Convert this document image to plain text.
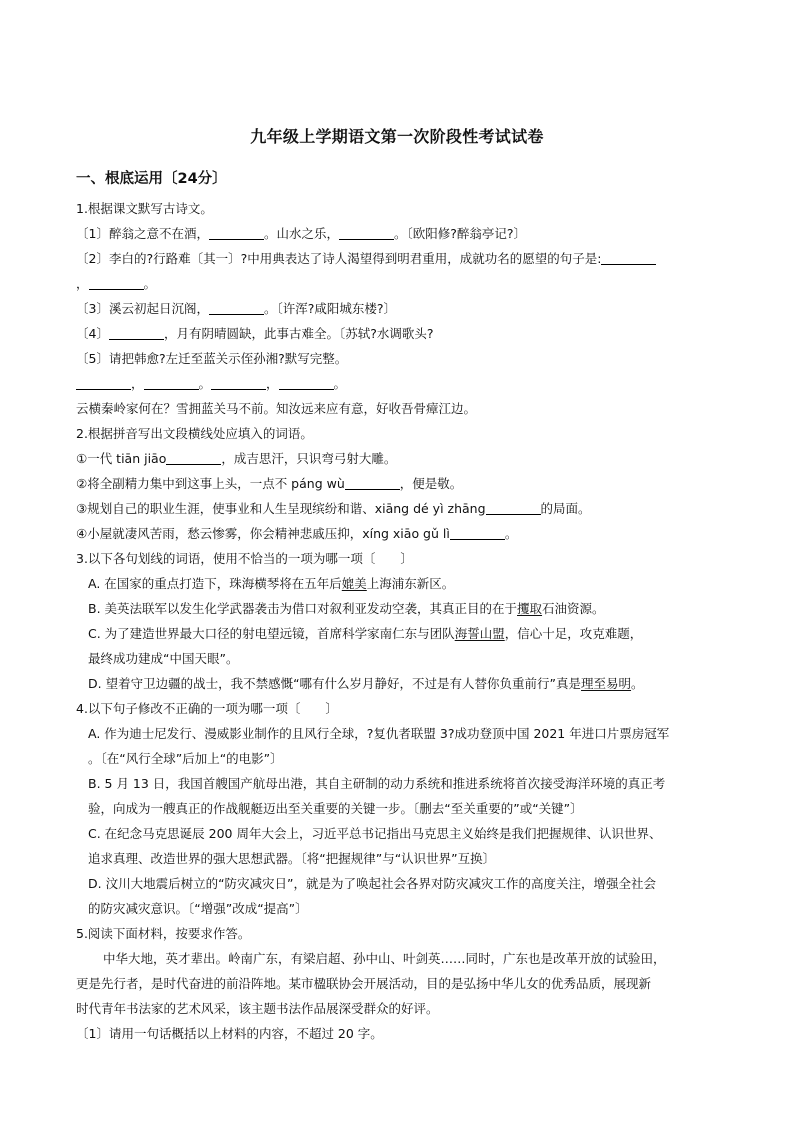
九年级上学期语文第一次阶段性考试试卷
一、根底运用〔24分〕
1.根据课文默写古诗文。
〔1〕醉翁之意不在酒，	。山水之乐，	。〔欧阳修?醉翁亭记?〕
〔2〕李白的?行路难〔其一〕?中用典表达了诗人渴望得到明君重用，成就功名的愿望的句子是:
，	。
〔3〕溪云初起日沉阁，	。〔许浑?咸阳城东楼?〕
〔4〕	，月有阴晴圆缺，此事古难全。〔苏轼?水调歌头?
〔5〕请把韩愈?左迁至蓝关示侄孙湘?默写完整。
，	。	，	。
云横秦岭家何在？雪拥蓝关马不前。知汝远来应有意，好收吾骨瘴江边。
2.根据拼音写出文段横线处应填入的词语。
①一代 tiān jiāo	，成吉思汗，只识弯弓射大雕。
②将全副精力集中到这事上头，一点不 páng wù	，便是敬。
③规划自己的职业生涯，使事业和人生呈现缤纷和谐、xiāng dé yì zhāng	的局面。
④小屋就凄风苦雨，愁云惨雾，你会精神悲戚压抑，xíng xiāo gǔ lì	。
3.以下各句划线的词语，使用不恰当的一项为哪一项〔　　〕
A. 在国家的重点打造下，珠海横琴将在五年后媲美上海浦东新区。
B. 美英法联军以发生化学武器袭击为借口对叙利亚发动空袭，其真正目的在于攫取石油资源。
C. 为了建造世界最大口径的射电望远镜，首席科学家南仁东与团队海誓山盟，信心十足，攻克难题，
最终成功建成“中国天眼”。
D. 望着守卫边疆的战士，我不禁感慨“哪有什么岁月静好，不过是有人替你负重前行”真是理至易明。
4.以下句子修改不正确的一项为哪一项〔　　〕
A. 作为迪士尼发行、漫威影业制作的且风行全球，?复仇者联盟 3?成功登顶中国 2021 年进口片票房冠军
。〔在“风行全球”后加上“的电影”〕
B. 5 月 13 日，我国首艘国产航母出港，其自主研制的动力系统和推进系统将首次接受海洋环境的真正考
验，向成为一艘真正的作战舰艇迈出至关重要的关键一步。〔删去“至关重要的”或“关键”〕
C. 在纪念马克思诞辰 200 周年大会上，习近平总书记指出马克思主义始终是我们把握规律、认识世界、
追求真理、改造世界的强大思想武器。〔将“把握规律”与“认识世界”互换〕
D. 汶川大地震后树立的“防灾减灾日”，就是为了唤起社会各界对防灾减灾工作的高度关注，增强全社会
的防灾减灾意识。〔“增强”改成“提高”〕
5.阅读下面材料，按要求作答。
中华大地，英才辈出。岭南广东，有梁启超、孙中山、叶剑英……同时，广东也是改革开放的试验田，
更是先行者，是时代奋进的前沿阵地。某市楹联协会开展活动，目的是弘扬中华儿女的优秀品质，展现新
时代青年书法家的艺术风采，该主题书法作品展深受群众的好评。
〔1〕请用一句话概括以上材料的内容，不超过 20 字。
